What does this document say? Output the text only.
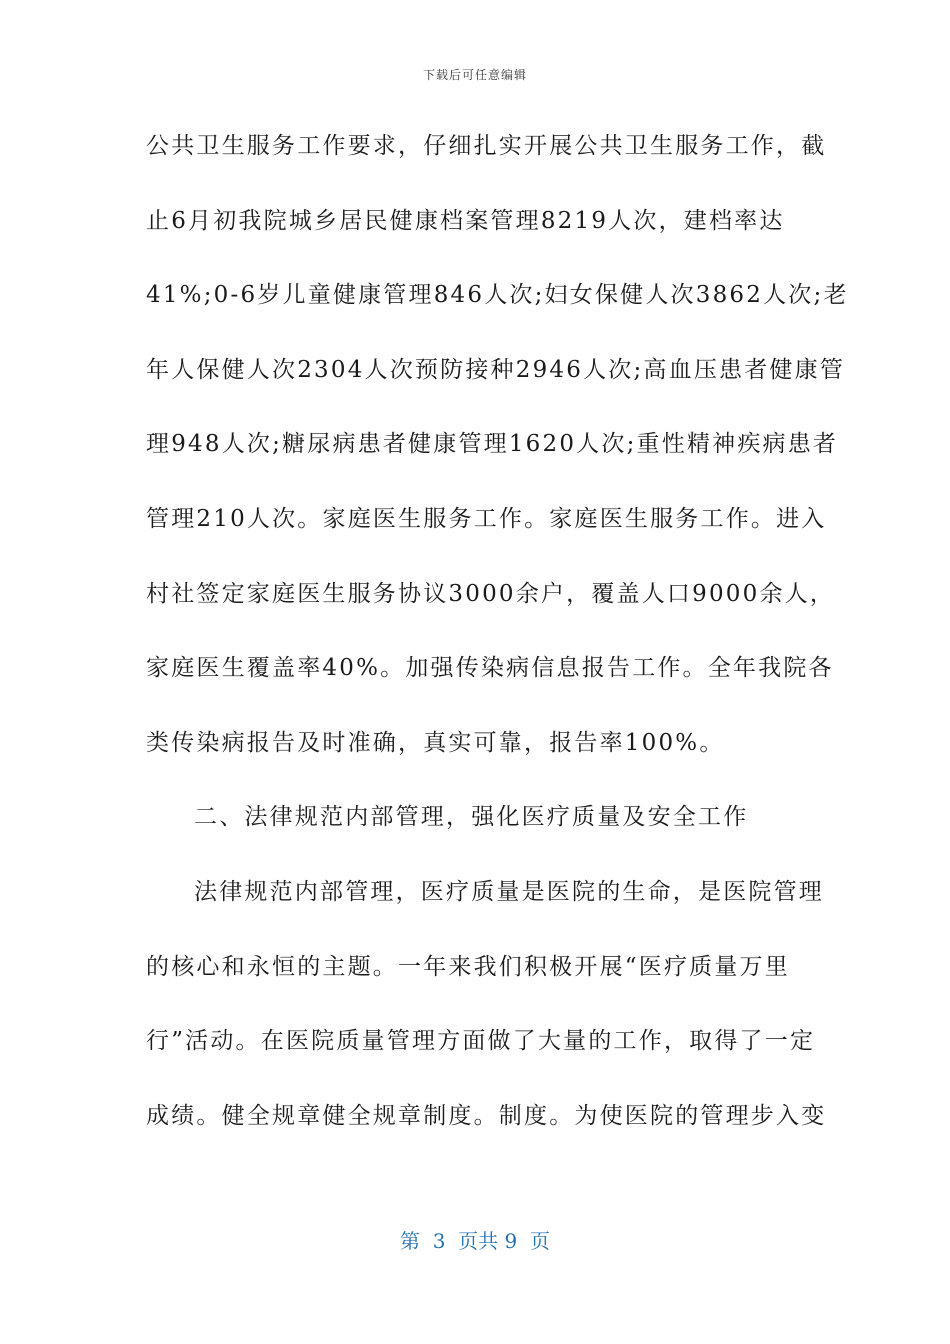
下载后可任意编辑
公共卫生服务工作要求，仔细扎实开展公共卫生服务工作，截
止6月初我院城乡居民健康档案管理8219人次，建档率达
41%;0-6岁儿童健康管理846人次;妇女保健人次3862人次;老
年人保健人次2304人次预防接种2946人次;高血压患者健康管
理948人次;糖尿病患者健康管理1620人次;重性精神疾病患者
管理210人次。家庭医生服务工作。家庭医生服务工作。进入
村社签定家庭医生服务协议3000余户，覆盖人口9000余人，
家庭医生覆盖率40%。加强传染病信息报告工作。全年我院各
类传染病报告及时准确，真实可靠，报告率100%。
二、法律规范内部管理，强化医疗质量及安全工作
法律规范内部管理，医疗质量是医院的生命，是医院管理
的核心和永恒的主题。一年来我们积极开展“医疗质量万里
行”活动。在医院质量管理方面做了大量的工作，取得了一定
成绩。健全规章健全规章制度。制度。为使医院的管理步入变
第  3  页共 9  页
